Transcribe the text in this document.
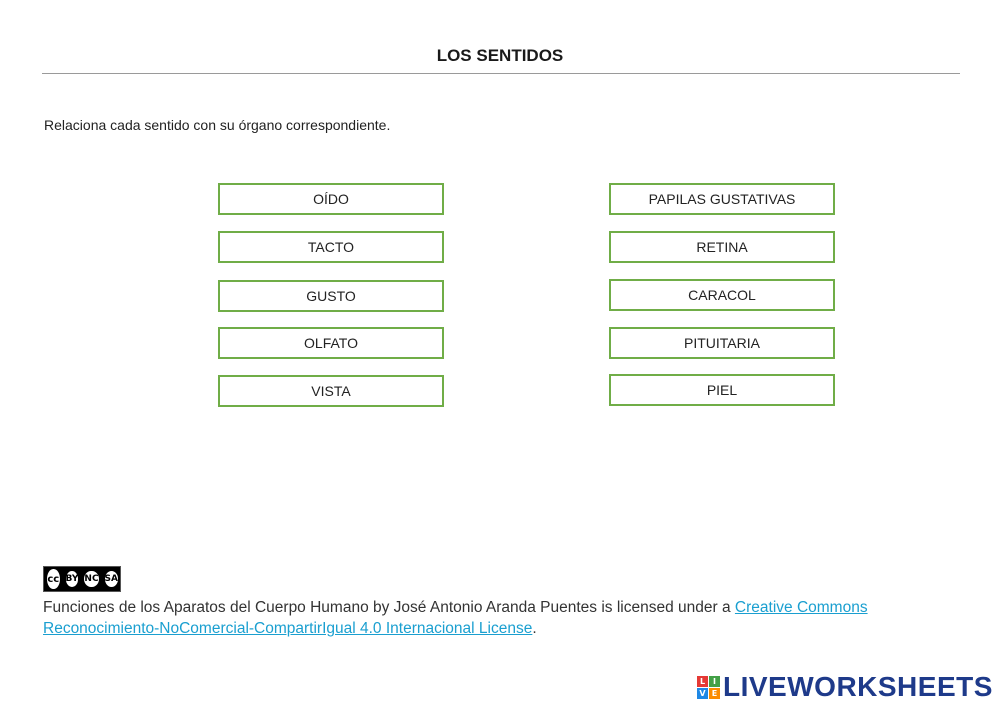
LOS SENTIDOS
Relaciona cada sentido con su órgano correspondiente.
OÍDO
TACTO
GUSTO
OLFATO
VISTA
PAPILAS GUSTATIVAS
RETINA
CARACOL
PITUITARIA
PIEL
cc BY NC SA
Funciones de los Aparatos del Cuerpo Humano by José Antonio Aranda Puentes is licensed under a Creative Commons Reconocimiento-NoComercial-CompartirIgual 4.0 Internacional License.
L I
V E LIVEWORKSHEETS
